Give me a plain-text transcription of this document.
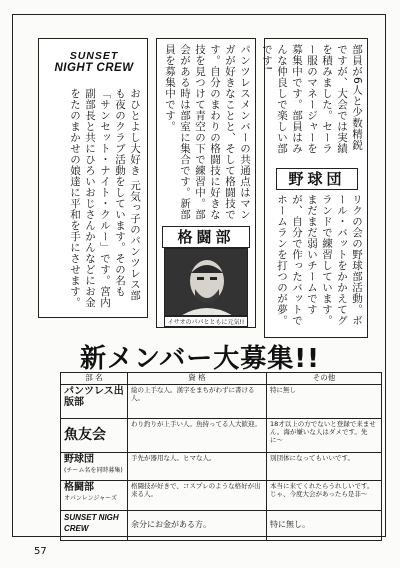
SUNSET
NIGHT CREW
おひとよし大好き 元気っ子のパンツレス部も夜のクラブ活動をしています。その名も「サンセット・ナイト・クルー」です。宮内副部長と共にひろいおじさんかんなどにお金をたのまかせの娘達に平和を手にさせます。	パンツレスメンバーの共通点はマンガが好きなことと、そして格闘技です。自分のまわりの格闘技に好きな技を見つけて青空の下で練習中。部会がある時は部室に集合です。新部員を募集中です。
格闘部
イサオのパパとともに元気!!
部員が6人と少数精鋭ですが、大会では実績を積みました。セーラー服のマネージャーを募集中です。部員はみんな仲良しで楽しい部です!
野球団
リクの会の野球部活動。ボール・バットをかかえてグランドで練習しています。まだまだ弱いチームですが、自分で作ったバットでホームランを打つのが夢。
新メンバー大募集!!
部 名	資 格	その他
パンツレス出版部	絵の上手な人。漢字をまちがわずに書ける人。	特に無し
魚友会	わり釣りが上手い人。魚持ってる人大歓迎。	18才以上の方でないと登録で来ません。海が嫌いな人はダメです。先に〜
野球団
(チーム名を同時募集)	手先が器用な人。ヒマな人。	別団体になってもいいです。
格闘部
オパンレンジャーズ	格闘技が好きで、コスプレのような格好が出来る人。	本当に来てくれたらうれしいです。じゃ、今度大会があったら是非〜
SUNSET NIGH CREW	余分にお金がある方。	特に無し。
57
